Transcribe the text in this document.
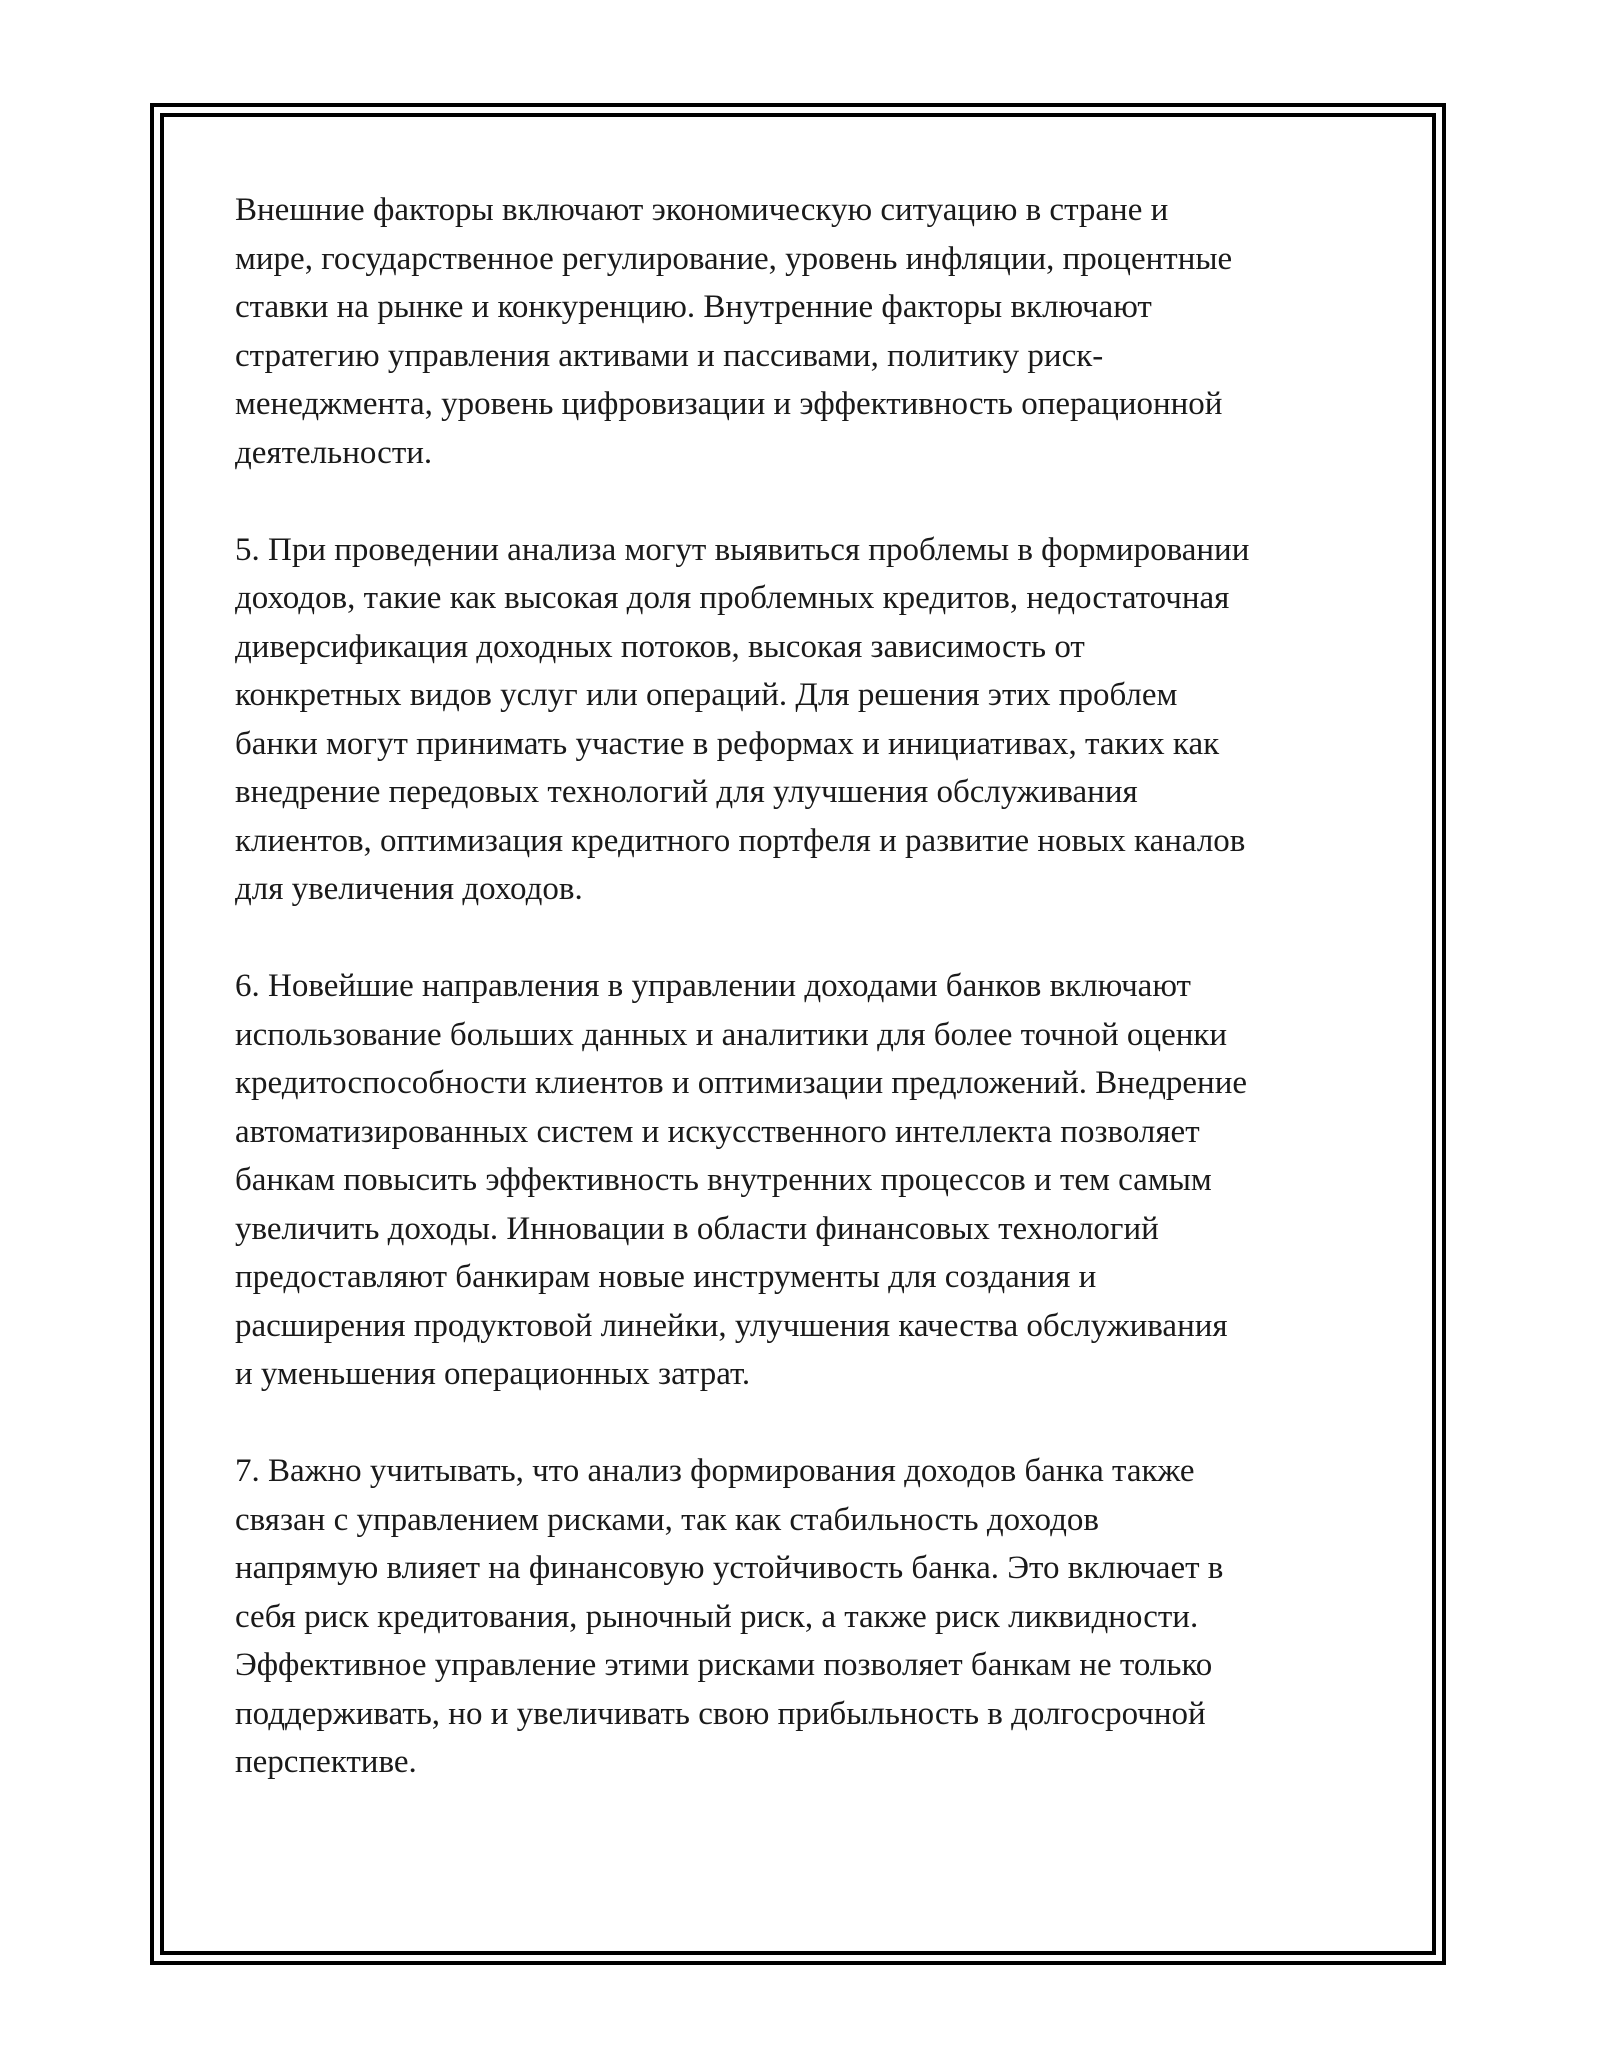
Внешние факторы включают экономическую ситуацию в стране и
мире, государственное регулирование, уровень инфляции, процентные
ставки на рынке и конкуренцию. Внутренние факторы включают
стратегию управления активами и пассивами, политику риск-
менеджмента, уровень цифровизации и эффективность операционной
деятельности.

5. При проведении анализа могут выявиться проблемы в формировании
доходов, такие как высокая доля проблемных кредитов, недостаточная
диверсификация доходных потоков, высокая зависимость от
конкретных видов услуг или операций. Для решения этих проблем
банки могут принимать участие в реформах и инициативах, таких как
внедрение передовых технологий для улучшения обслуживания
клиентов, оптимизация кредитного портфеля и развитие новых каналов
для увеличения доходов.

6. Новейшие направления в управлении доходами банков включают
использование больших данных и аналитики для более точной оценки
кредитоспособности клиентов и оптимизации предложений. Внедрение
автоматизированных систем и искусственного интеллекта позволяет
банкам повысить эффективность внутренних процессов и тем самым
увеличить доходы. Инновации в области финансовых технологий
предоставляют банкирам новые инструменты для создания и
расширения продуктовой линейки, улучшения качества обслуживания
и уменьшения операционных затрат.

7. Важно учитывать, что анализ формирования доходов банка также
связан с управлением рисками, так как стабильность доходов
напрямую влияет на финансовую устойчивость банка. Это включает в
себя риск кредитования, рыночный риск, а также риск ликвидности.
Эффективное управление этими рисками позволяет банкам не только
поддерживать, но и увеличивать свою прибыльность в долгосрочной
перспективе.
